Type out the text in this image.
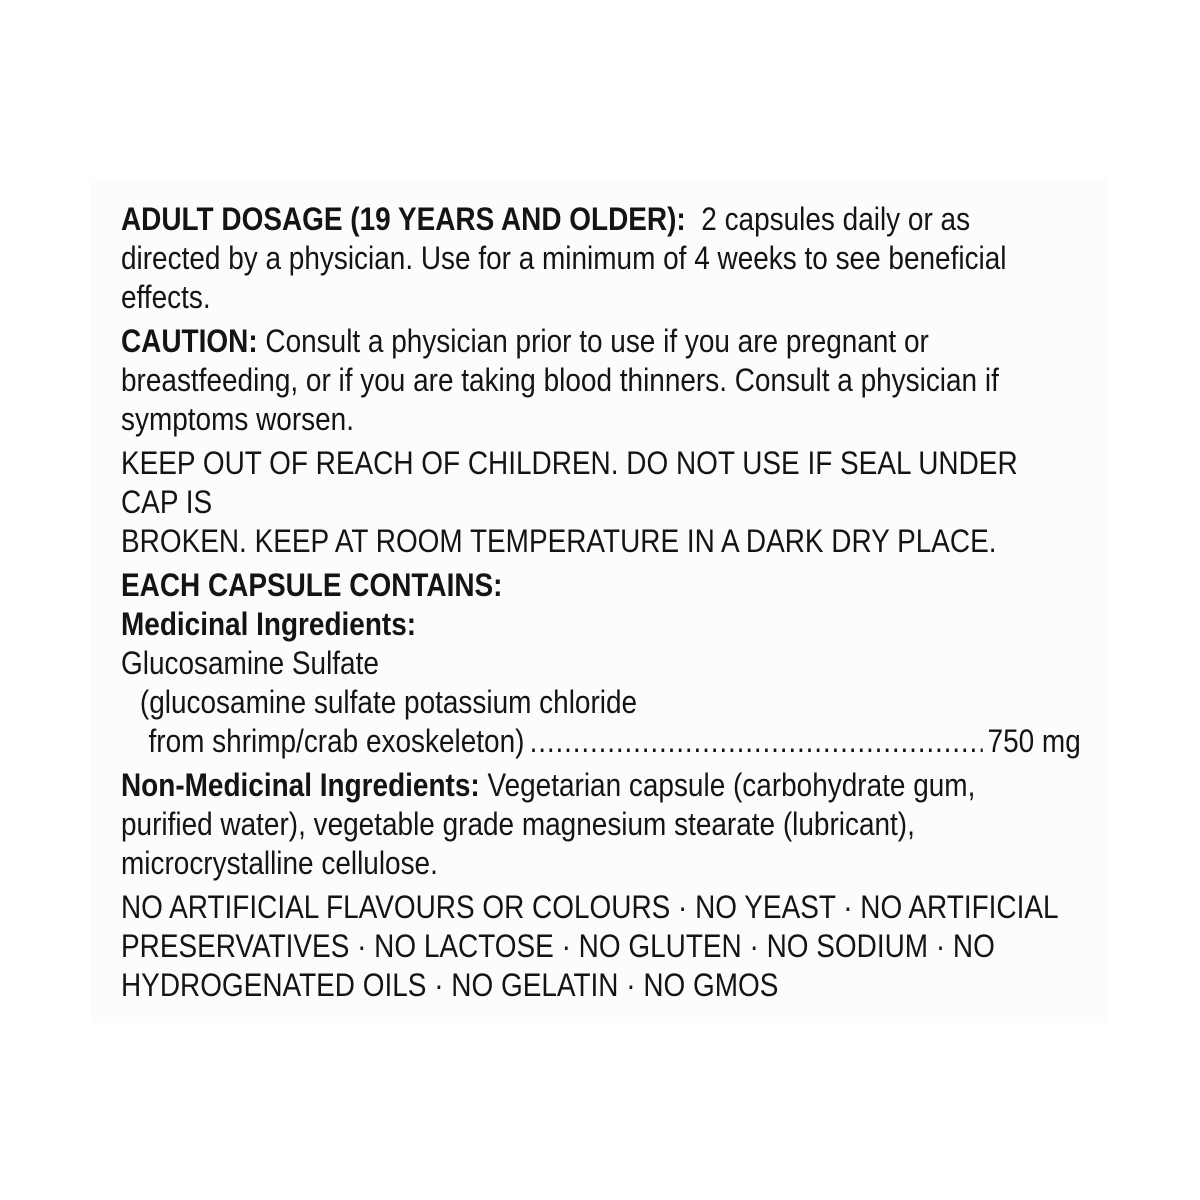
ADULT DOSAGE (19 YEARS AND OLDER): 2 capsules daily or as
directed by a physician. Use for a minimum of 4 weeks to see beneficial
effects.
CAUTION: Consult a physician prior to use if you are pregnant or
breastfeeding, or if you are taking blood thinners. Consult a physician if
symptoms worsen.
KEEP OUT OF REACH OF CHILDREN. DO NOT USE IF SEAL UNDER CAP IS
BROKEN. KEEP AT ROOM TEMPERATURE IN A DARK DRY PLACE.
EACH CAPSULE CONTAINS:
Medicinal Ingredients:
Glucosamine Sulfate
(glucosamine sulfate potassium chloride
from shrimp/crab exoskeleton)
.....	750 mg
Non-Medicinal Ingredients: Vegetarian capsule (carbohydrate gum,
purified water), vegetable grade magnesium stearate (lubricant),
microcrystalline cellulose.
NO ARTIFICIAL FLAVOURS OR COLOURS · NO YEAST · NO ARTIFICIAL
PRESERVATIVES · NO LACTOSE · NO GLUTEN · NO SODIUM · NO
HYDROGENATED OILS · NO GELATIN · NO GMOS
